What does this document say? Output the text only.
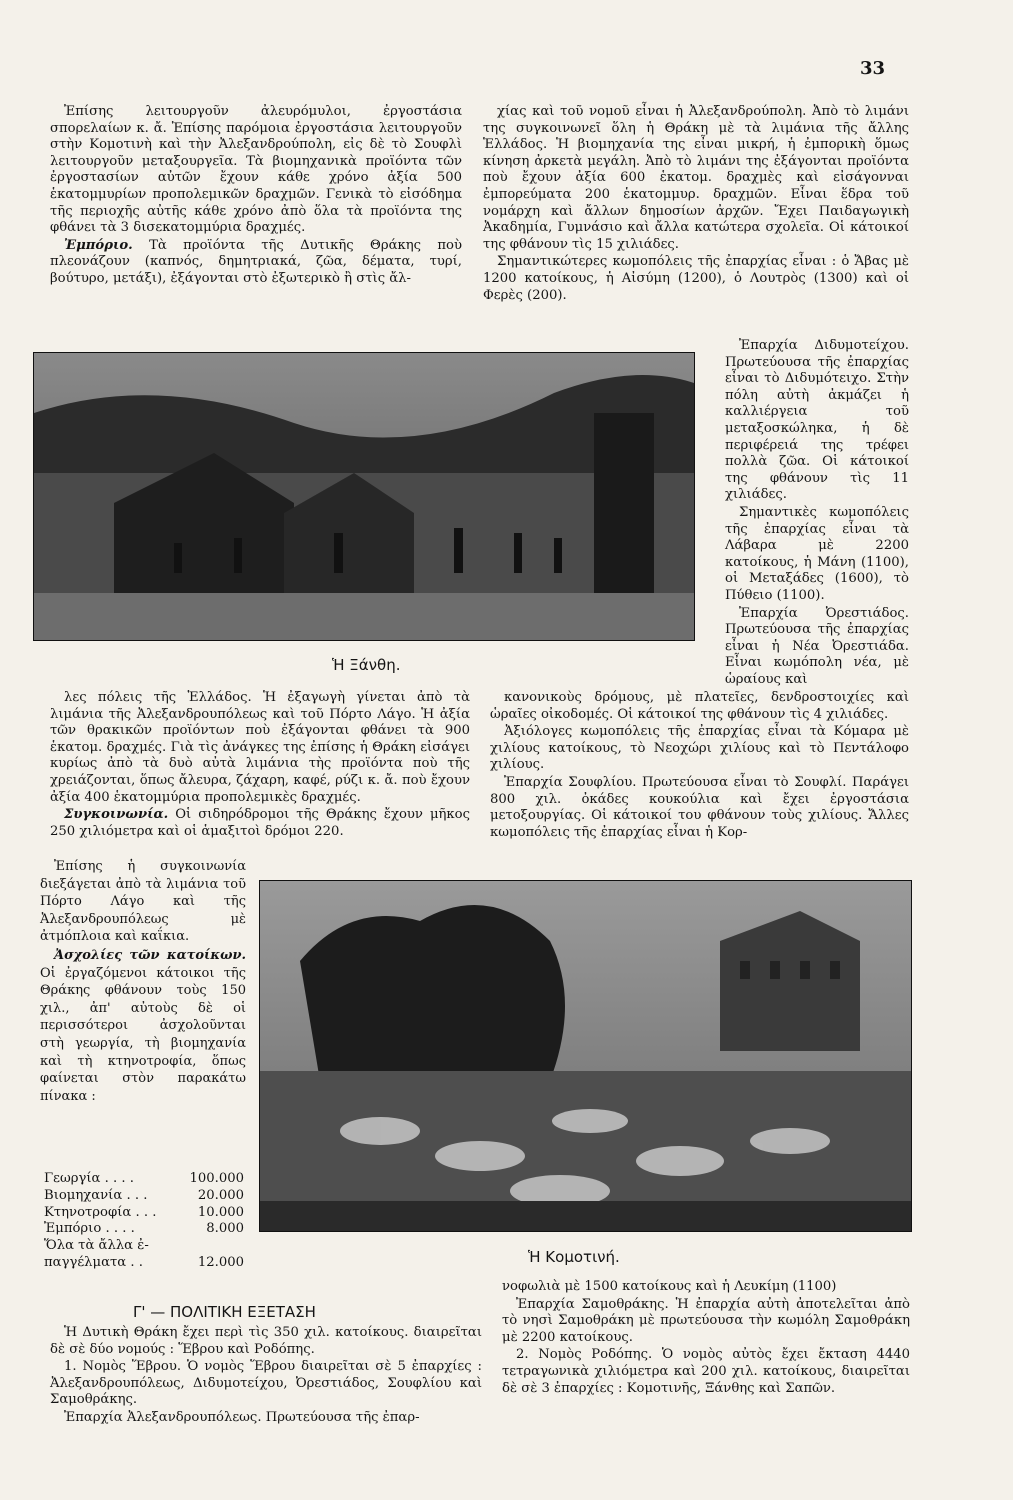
33

Ἐπίσης λειτουργοῦν ἀλευρόμυλοι, ἐργοστάσια σπορελαίων κ. ἄ. Ἐπίσης παρόμοια ἐργοστάσια λειτουργοῦν στὴν Κομοτινὴ καὶ τὴν Ἀλεξανδρούπολη, εἰς δὲ τὸ Σουφλὶ λειτουργοῦν μεταξουργεῖα. Τὰ βιομηχανικὰ προϊόντα τῶν ἐργοστασίων αὐτῶν ἔχουν κάθε χρόνο ἀξία 500 ἑκατομμυρίων προπολεμικῶν δραχμῶν. Γενικὰ τὸ εἰσόδημα τῆς περιοχῆς αὐτῆς κάθε χρόνο ἀπὸ ὅλα τὰ προϊόντα της φθάνει τὰ 3 δισεκατομμύρια δραχμές.

Ἐμπόριο. Τὰ προϊόντα τῆς Δυτικῆς Θράκης ποὺ πλεονάζουν (καπνός, δημητριακά, ζῶα, δέματα, τυρί, βούτυρο, μετάξι), ἐξάγονται στὸ ἐξωτερικὸ ἢ στὶς ἄλ-

χίας καὶ τοῦ νομοῦ εἶναι ἡ Ἀλεξανδρούπολη. Ἀπὸ τὸ λιμάνι της συγκοινωνεῖ ὅλη ἡ Θράκη μὲ τὰ λιμάνια τῆς ἄλλης Ἑλλάδος. Ἡ βιομηχανία της εἶναι μικρή, ἡ ἐμπορικὴ ὅμως κίνηση ἀρκετὰ μεγάλη. Ἀπὸ τὸ λιμάνι της ἐξάγονται προϊόντα ποὺ ἔχουν ἀξία 600 ἑκατομ. δραχμὲς καὶ εἰσάγονναι ἐμπορεύματα 200 ἑκατομμυρ. δραχμῶν. Εἶναι ἕδρα τοῦ νομάρχη καὶ ἄλλων δημοσίων ἀρχῶν. Ἔχει Παιδαγωγικὴ Ἀκαδημία, Γυμνάσιο καὶ ἄλλα κατώτερα σχολεῖα. Οἱ κάτοικοί της φθάνουν τὶς 15 χιλιάδες.

Σημαντικώτερες κωμοπόλεις τῆς ἐπαρχίας εἶναι : ὁ Ἄβας μὲ 1200 κατοίκους, ἡ Αἰσύμη (1200), ὁ Λουτρὸς (1300) καὶ οἱ Φερὲς (200).

Ἐπαρχία Διδυμοτείχου. Πρωτεύουσα τῆς ἐπαρχίας εἶναι τὸ Διδυμότειχο. Στὴν πόλη αὐτὴ ἀκμάζει ἡ καλλιέργεια τοῦ μεταξοσκώληκα, ἡ δὲ περιφέρειά της τρέφει πολλὰ ζῶα. Οἱ κάτοικοί της φθάνουν τὶς 11 χιλιάδες.

Σημαντικὲς κωμοπόλεις τῆς ἐπαρχίας εἶναι τὰ Λάβαρα μὲ 2200 κατοίκους, ἡ Μάνη (1100), οἱ Μεταξάδες (1600), τὸ Πύθειο (1100).

Ἐπαρχία Ὀρεστιάδος. Πρωτεύουσα τῆς ἐπαρχίας εἶναι ἡ Νέα Ὀρεστιάδα. Εἶναι κωμόπολη νέα, μὲ ὡραίους καὶ

Ἡ Ξάνθη.

λες πόλεις τῆς Ἑλλάδος. Ἡ ἐξαγωγὴ γίνεται ἀπὸ τὰ λιμάνια τῆς Ἀλεξανδρουπόλεως καὶ τοῦ Πόρτο Λάγο. Ἡ ἀξία τῶν θρακικῶν προϊόντων ποὺ ἐξάγονται φθάνει τὰ 900 ἑκατομ. δραχμές. Γιὰ τὶς ἀνάγκες της ἐπίσης ἡ Θράκη εἰσάγει κυρίως ἀπὸ τὰ δυὸ αὐτὰ λιμάνια τὴς προϊόντα ποὺ τῆς χρειάζονται, ὅπως ἄλευρα, ζάχαρη, καφέ, ρύζι κ. ἄ. ποὺ ἔχουν ἀξία 400 ἑκατομμύρια προπολεμικὲς δραχμές.

Συγκοινωνία. Οἱ σιδηρόδρομοι τῆς Θράκης ἔχουν μῆκος 250 χιλιόμετρα καὶ οἱ ἁμαξιτοὶ δρόμοι 220.

κανονικοὺς δρόμους, μὲ πλατεῖες, δενδροστοιχίες καὶ ὡραῖες οἰκοδομές. Οἱ κάτοικοί της φθάνουν τὶς 4 χιλιάδες.

Ἀξιόλογες κωμοπόλεις τῆς ἐπαρχίας εἶναι τὰ Κόμαρα μὲ χιλίους κατοίκους, τὸ Νεοχώρι χιλίους καὶ τὸ Πεντάλοφο χιλίους.

Ἐπαρχία Σουφλίου. Πρωτεύουσα εἶναι τὸ Σουφλί. Παράγει 800 χιλ. ὀκάδες κουκούλια καὶ ἔχει ἐργοστάσια μετοξουργίας. Οἱ κάτοικοί του φθάνουν τοὺς χιλίους. Ἄλλες κωμοπόλεις τῆς ἐπαρχίας εἶναι ἡ Κορ-

Ἐπίσης ἡ συγκοινωνία διεξάγεται ἀπὸ τὰ λιμάνια τοῦ Πόρτο Λάγο καὶ τῆς Ἀλεξανδρουπόλεως μὲ ἀτμόπλοια καὶ καΐκια.

Ἀσχολίες τῶν κατοίκων. Οἱ ἐργαζόμενοι κάτοικοι τῆς Θράκης φθάνουν τοὺς 150 χιλ., ἀπ' αὐτοὺς δὲ οἱ περισσότεροι ἀσχολοῦνται στὴ γεωργία, τὴ βιομηχανία καὶ τὴ κτηνοτροφία, ὅπως φαίνεται στὸν παρακάτω πίνακα :

Γεωργία . . . .	100.000
Βιομηχανία . . .	20.000
Κτηνοτροφία . . .	10.000
Ἐμπόριο . . . .	8.000
Ὅλα τὰ ἄλλα ἐ-
παγγέλματα . .	12.000	Ἡ Κομοτινή.
Γ' — ΠΟΛΙΤΙΚΗ ΕΞΕΤΑΣΗ

Ἡ Δυτικὴ Θράκη ἔχει περὶ τὶς 350 χιλ. κατοίκους. διαιρεῖται δὲ σὲ δύο νομούς : Ἕβρου καὶ Ροδόπης.

1. Νομὸς Ἕβρου. Ὁ νομὸς Ἕβρου διαιρεῖται σὲ 5 ἐπαρχίες : Ἀλεξανδρουπόλεως, Διδυμοτείχου, Ὀρεστιάδος, Σουφλίου καὶ Σαμοθράκης.

Ἐπαρχία Ἀλεξανδρουπόλεως. Πρωτεύουσα τῆς ἐπαρ-

νοφωλιὰ μὲ 1500 κατοίκους καὶ ἡ Λευκίμη (1100)

Ἐπαρχία Σαμοθράκης. Ἡ ἐπαρχία αὐτὴ ἀποτελεῖται ἀπὸ τὸ νησὶ Σαμοθράκη μὲ πρωτεύουσα τὴν κωμόλη Σαμοθράκη μὲ 2200 κατοίκους.

2. Νομὸς Ροδόπης. Ὁ νομὸς αὐτὸς ἔχει ἔκταση 4440 τετραγωνικὰ χιλιόμετρα καὶ 200 χιλ. κατοίκους, διαιρεῖται δὲ σὲ 3 ἐπαρχίες : Κομοτινῆς, Ξάνθης καὶ Σαπῶν.
